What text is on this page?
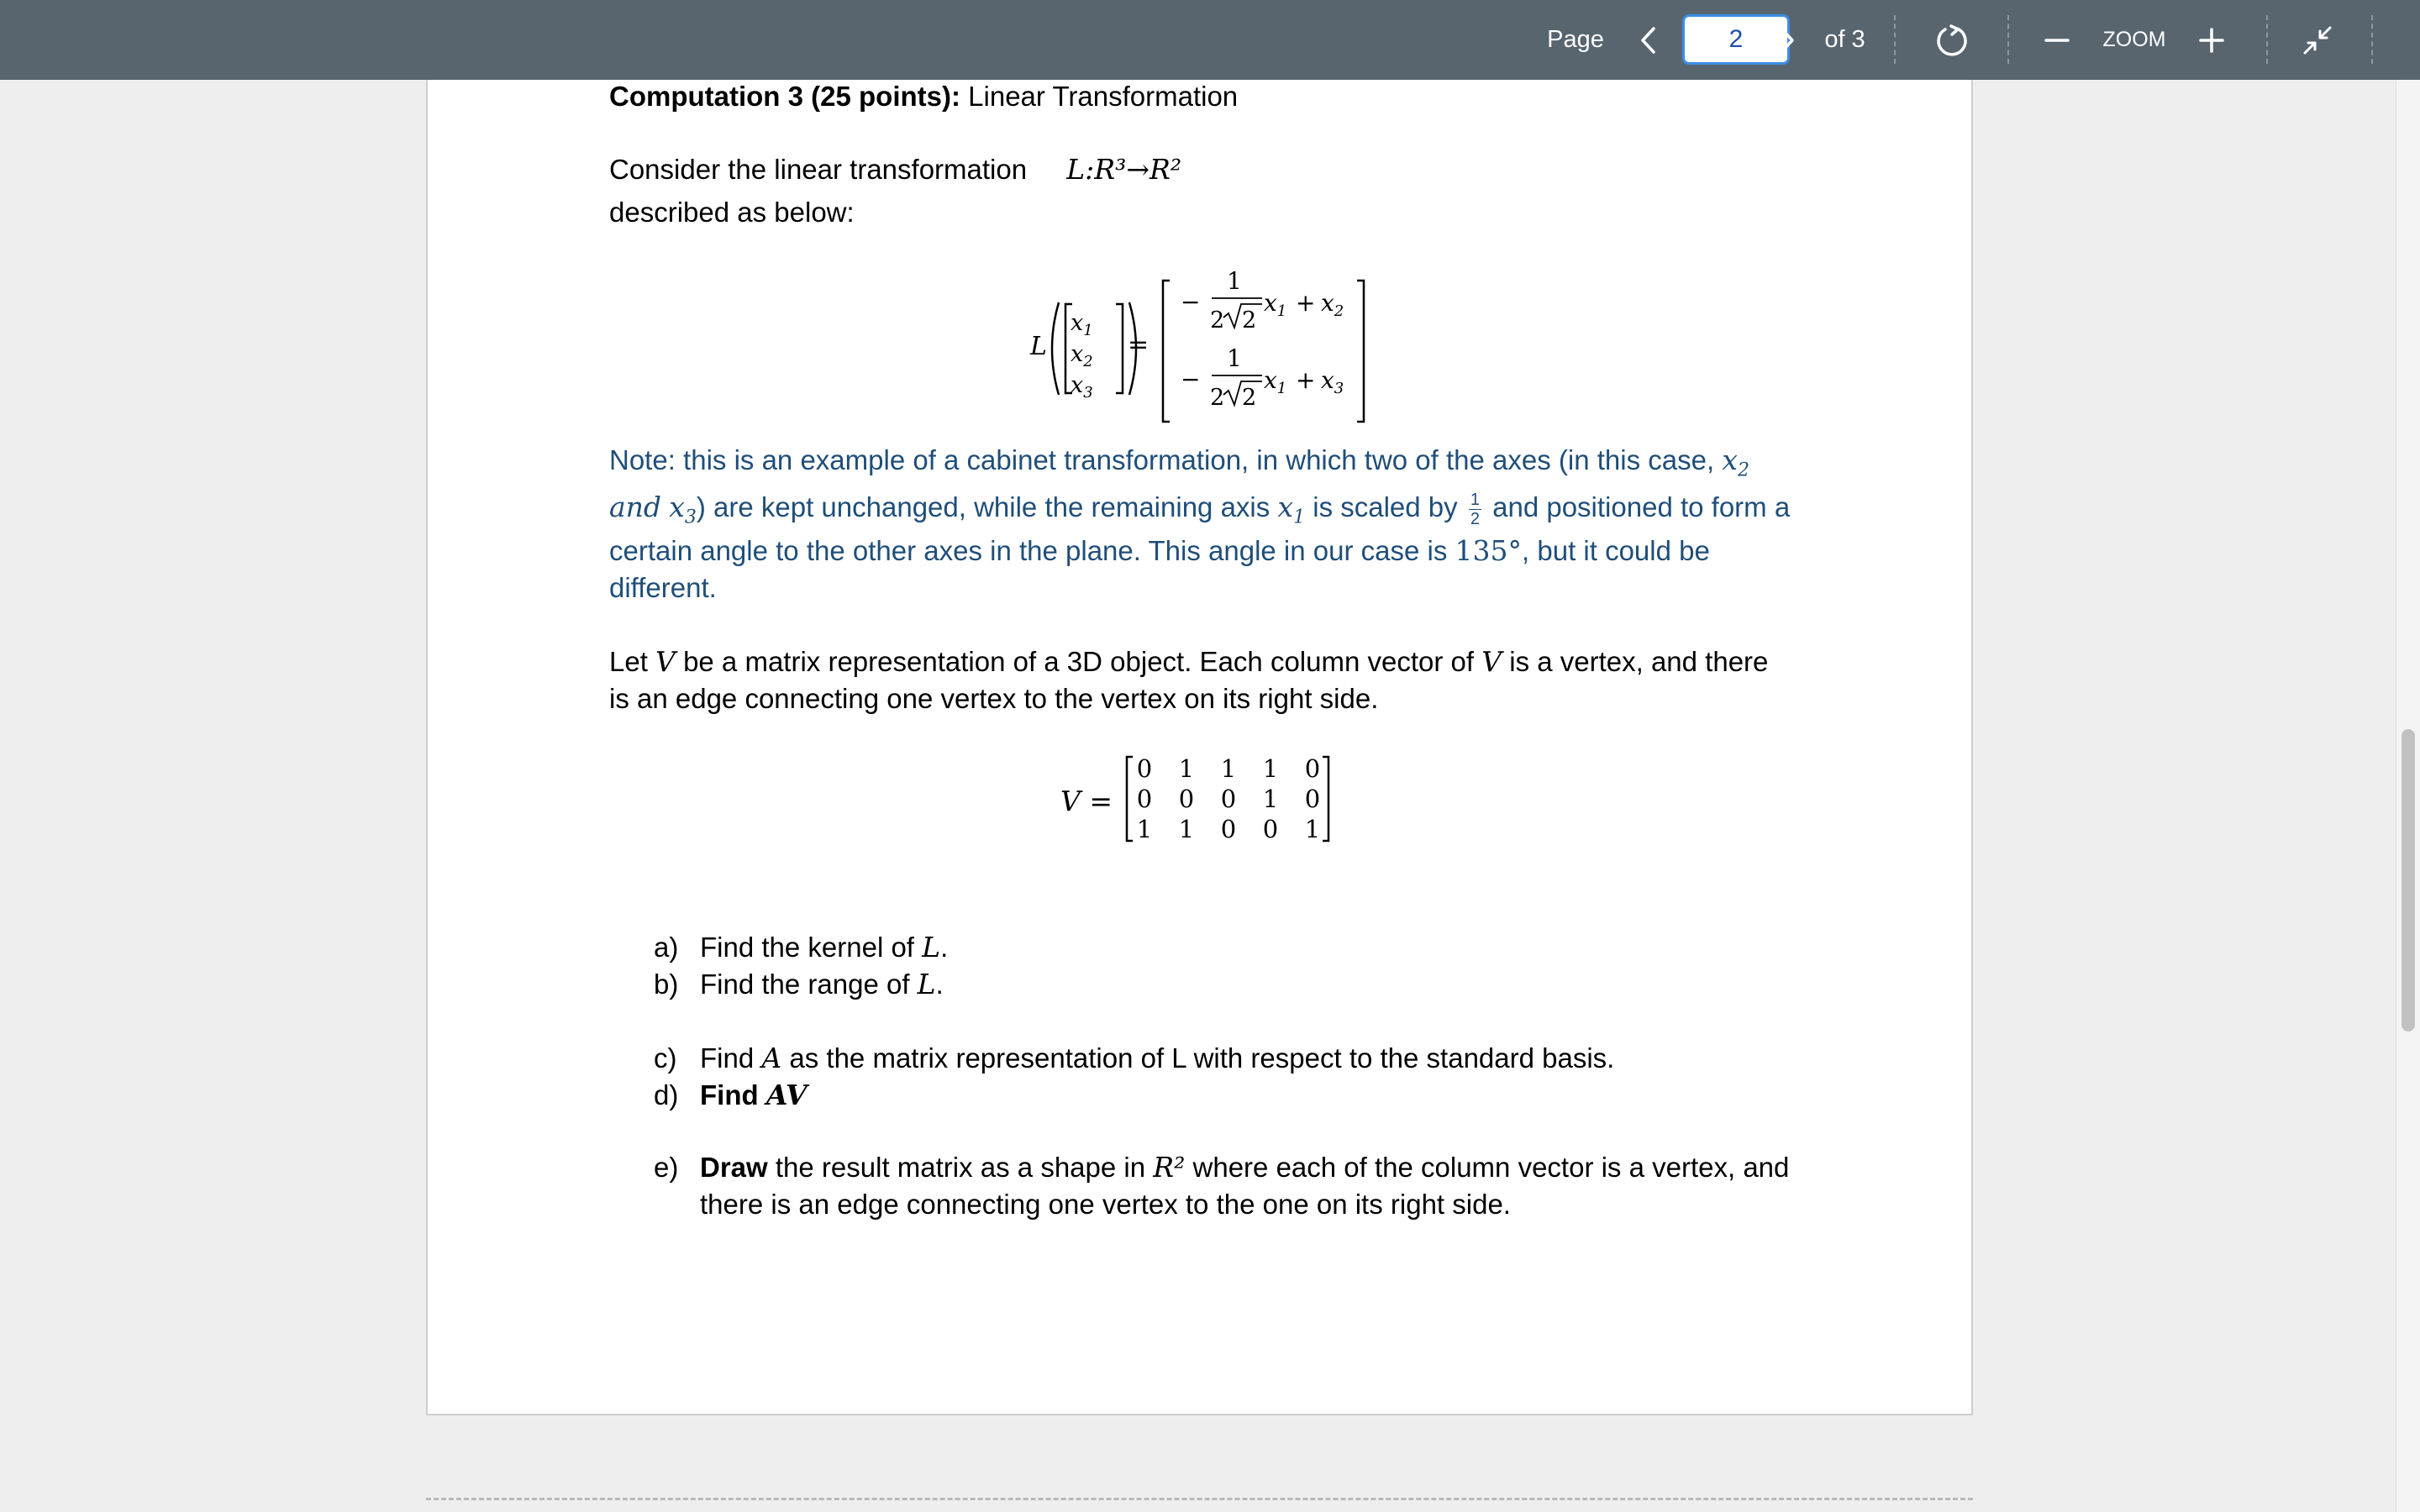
Page
2	of 3	ZOOM
Computation 3 (25 points): Linear Transformation
Consider the linear transformation L:R³→R²
described as below:
L
$x_1$
$x_2$
$x_3$
=
−
1
2 2
$x_1 + x_2$
−
1
2 2
$x_1 + x_3$
Note: this is an example of a cabinet transformation, in which two of the axes (in this case, $x_2$
and $x_3$) are kept unchanged, while the remaining axis $x_1$ is scaled by $\frac{1}{2}$ and positioned to form a
certain angle to the other axes in the plane. This angle in our case is 135°, but it could be
different.
Let V be a matrix representation of a 3D object. Each column vector of V is a vertex, and there
is an edge connecting one vertex to the vertex on its right side.
V =
0 1 1 1 0
0 0 0 1 0
1 1 0 0 1
a) Find the kernel of L.
b) Find the range of L.
c) Find A as the matrix representation of L with respect to the standard basis.
d) Find AV
e) Draw the result matrix as a shape in R² where each of the column vector is a vertex, and
there is an edge connecting one vertex to the one on its right side.
